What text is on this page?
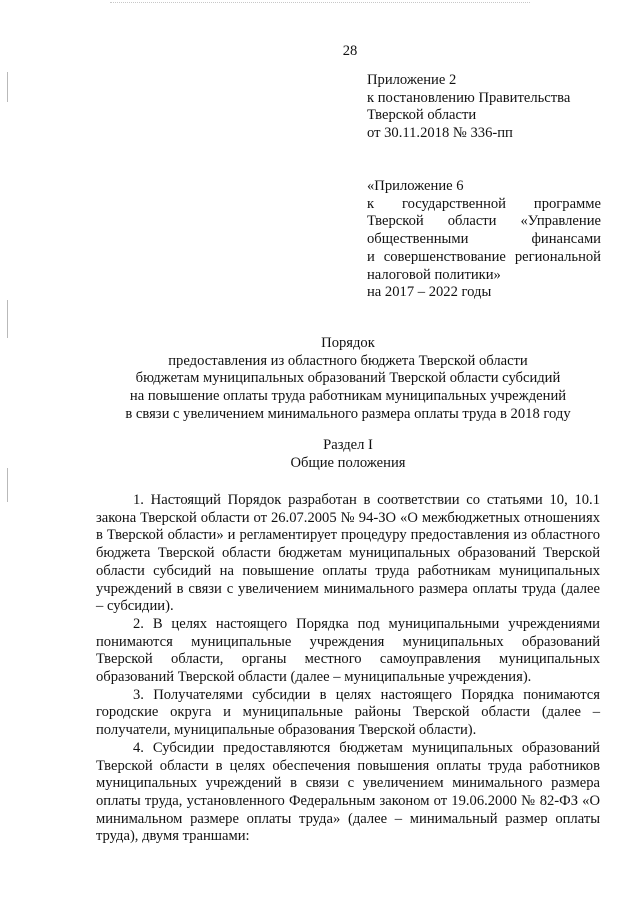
28
Приложение 2
к постановлению Правительства
Тверской области
от 30.11.2018 № 336-пп
«Приложение 6
к государственной программе
Тверской области «Управление
общественными финансами
и совершенствование региональной
налоговой политики»
на 2017 – 2022 годы
Порядок
предоставления из областного бюджета Тверской области
бюджетам муниципальных образований Тверской области субсидий
на повышение оплаты труда работникам муниципальных учреждений
в связи с увеличением минимального размера оплаты труда в 2018 году
Раздел I
Общие положения

1. Настоящий Порядок разработан в соответствии со статьями 10, 10.1 закона Тверской области от 26.07.2005 № 94-ЗО «О межбюджетных отношениях в Тверской области» и регламентирует процедуру предоставления из областного бюджета Тверской области бюджетам муниципальных образований Тверской области субсидий на повышение оплаты труда работникам муниципальных учреждений в связи с увеличением минимального размера оплаты труда (далее – субсидии).

2. В целях настоящего Порядка под муниципальными учреждениями понимаются муниципальные учреждения муниципальных образований Тверской области, органы местного самоуправления муниципальных образований Тверской области (далее – муниципальные учреждения).

3. Получателями субсидии в целях настоящего Порядка понимаются городские округа и муниципальные районы Тверской области (далее – получатели, муниципальные образования Тверской области).

4. Субсидии предоставляются бюджетам муниципальных образований Тверской области в целях обеспечения повышения оплаты труда работников муниципальных учреждений в связи с увеличением минимального размера оплаты труда, установленного Федеральным законом от 19.06.2000 № 82-ФЗ «О минимальном размере оплаты труда» (далее – минимальный размер оплаты труда), двумя траншами:
